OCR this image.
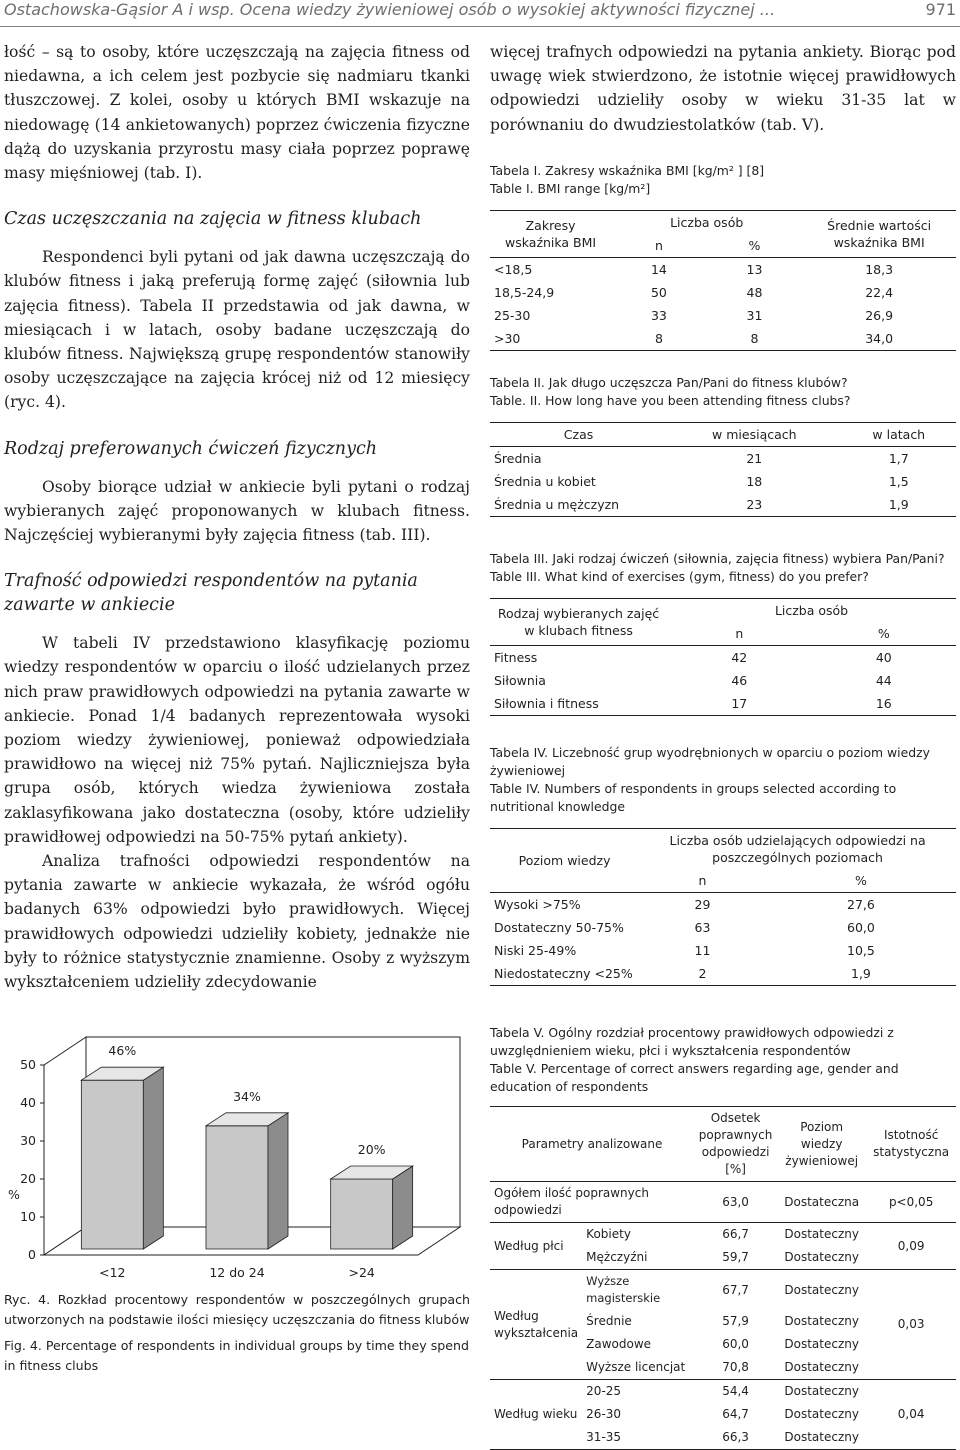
Ostachowska-Gąsior A i wsp. Ocena wiedzy żywieniowej osób o wysokiej aktywności fizycznej ...	971

łość – są to osoby, które uczęszczają na zajęcia fitness od niedawna, a ich celem jest pozbycie się nadmiaru tkanki tłuszczowej. Z kolei, osoby u których BMI wskazuje na niedowagę (14 ankietowanych) poprzez ćwiczenia fizyczne dążą do uzyskania przyrostu masy ciała poprzez poprawę masy mięśniowej (tab. I).

Czas uczęszczania na zajęcia w fitness klubach

Respondenci byli pytani od jak dawna uczęszczają do klubów fitness i jaką preferują formę zajęć (siłownia lub zajęcia fitness). Tabela II przedstawia od jak dawna, w miesiącach i w latach, osoby badane uczęszczają do klubów fitness. Największą grupę respondentów stanowiły osoby uczęszczające na zajęcia krócej niż od 12 miesięcy (ryc. 4).

Rodzaj preferowanych ćwiczeń fizycznych

Osoby biorące udział w ankiecie byli pytani o rodzaj wybieranych zajęć proponowanych w klubach fitness. Najczęściej wybieranymi były zajęcia fitness (tab. III).

Trafność odpowiedzi respondentów na pytania zawarte w ankiecie

W tabeli IV przedstawiono klasyfikację poziomu wiedzy respondentów w oparciu o ilość udzielanych przez nich praw prawidłowych odpowiedzi na pytania zawarte w ankiecie. Ponad 1/4 badanych reprezentowała wysoki poziom wiedzy żywieniowej, ponieważ odpowiedziała prawidłowo na więcej niż 75% pytań. Najliczniejsza była grupa osób, których wiedza żywieniowa została zaklasyfikowana jako dostateczna (osoby, które udzieliły prawidłowej odpowiedzi na 50-75% pytań ankiety).

Analiza trafności odpowiedzi respondentów na pytania zawarte w ankiecie wykazała, że wśród ogółu badanych 63% odpowiedzi było prawidłowych. Więcej prawidłowych odpowiedzi udzieliły kobiety, jednakże nie były to różnice statystycznie znamienne. Osoby z wyższym wykształceniem udzieliły zdecydowanie

więcej trafnych odpowiedzi na pytania ankiety. Biorąc pod uwagę wiek stwierdzono, że istotnie więcej prawidłowych odpowiedzi udzieliły osoby w wieku 31-35 lat w porównaniu do dwudziestolatków (tab. V).

Tabela I. Zakresy wskaźnika BMI [kg/m² ] [8]

Table I. BMI range [kg/m²]

Zakresy wskaźnika BMI	Liczba osób		Średnie wartości wskaźnika BMI
	n	%	
<18,5	14	13	18,3
18,5-24,9	50	48	22,4
25-30	33	31	26,9
>30	8	8	34,0

Tabela II. Jak długo uczęszcza Pan/Pani do fitness klubów?

Table. II. How long have you been attending fitness clubs?

Czas	w miesiącach	w latach
Średnia	21	1,7
Średnia u kobiet	18	1,5
Średnia u mężczyzn	23	1,9

Tabela III. Jaki rodzaj ćwiczeń (siłownia, zajęcia fitness) wybiera Pan/Pani?

Table III. What kind of exercises (gym, fitness) do you prefer?

Rodzaj wybieranych zajęć w klubach fitness	Liczba osób	
	n	%
Fitness	42	40
Siłownia	46	44
Siłownia i fitness	17	16

Tabela IV. Liczebność grup wyodrębnionych w oparciu o poziom wiedzy żywieniowej

Table IV. Numbers of respondents in groups selected according to nutritional knowledge

Poziom wiedzy	Liczba osób udzielających odpowiedzi na poszczególnych poziomach	
	n	%
Wysoki >75%	29	27,6
Dostateczny 50-75%	63	60,0
Niski 25-49%	11	10,5
Niedostateczny <25%	2	1,9

Tabela V. Ogólny rozdział procentowy prawidłowych odpowiedzi z uwzględnieniem wieku, płci i wykształcenia respondentów

Table V. Percentage of correct answers regarding age, gender and education of respondents

Parametry analizowane		Odsetek poprawnych odpowiedzi [%]	Poziom wiedzy żywieniowej	Istotność statystyczna
Ogółem ilość poprawnych odpowiedzi		63,0	Dostateczna	p<0,05
Według płci	Kobiety	66,7	Dostateczny	0,09
	Mężczyźni	59,7	Dostateczny	
Według wykształcenia	Wyższe magisterskie	67,7	Dostateczny	0,03
	Średnie	57,9	Dostateczny	
	Zawodowe	60,0	Dostateczny	
	Wyższe licencjat	70,8	Dostateczny	
Według wieku	20-25	54,4	Dostateczny	0,04
	26-30	64,7	Dostateczny	
	31-35	66,3	Dostateczny	
0
10
20
30
40
50
%
46%
<12
34%
12 do 24
20%
>24

Ryc. 4. Rozkład procentowy respondentów w poszczególnych grupach utworzonych na podstawie ilości miesięcy uczęszczania do fitness klubów

Fig. 4. Percentage of respondents in individual groups by time they spend in fitness clubs
